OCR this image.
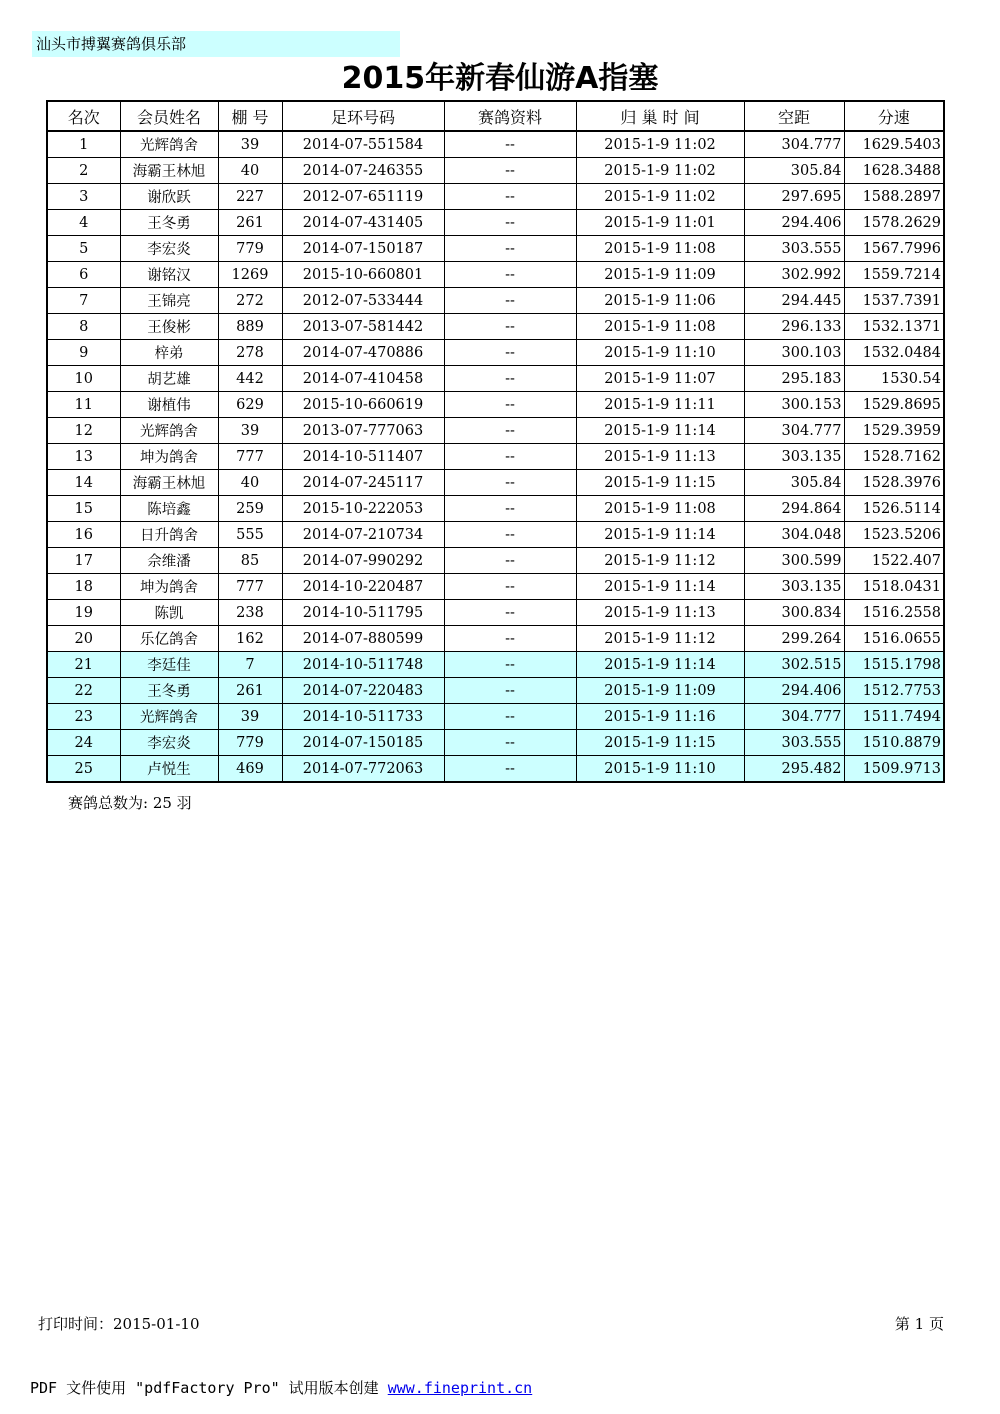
汕头市搏翼赛鸽俱乐部
2015年新春仙游A指塞
名次	会员姓名	棚 号	足环号码	赛鸽资料	归 巢 时 间	空距	分速
1	光辉鸽舍	39	2014-07-551584	--	2015-1-9 11:02	304.777	1629.5403
2	海霸王林旭	40	2014-07-246355	--	2015-1-9 11:02	305.84	1628.3488
3	谢欣跃	227	2012-07-651119	--	2015-1-9 11:02	297.695	1588.2897
4	王冬勇	261	2014-07-431405	--	2015-1-9 11:01	294.406	1578.2629
5	李宏炎	779	2014-07-150187	--	2015-1-9 11:08	303.555	1567.7996
6	谢铭汉	1269	2015-10-660801	--	2015-1-9 11:09	302.992	1559.7214
7	王锦亮	272	2012-07-533444	--	2015-1-9 11:06	294.445	1537.7391
8	王俊彬	889	2013-07-581442	--	2015-1-9 11:08	296.133	1532.1371
9	梓弟	278	2014-07-470886	--	2015-1-9 11:10	300.103	1532.0484
10	胡艺雄	442	2014-07-410458	--	2015-1-9 11:07	295.183	1530.54
11	谢植伟	629	2015-10-660619	--	2015-1-9 11:11	300.153	1529.8695
12	光辉鸽舍	39	2013-07-777063	--	2015-1-9 11:14	304.777	1529.3959
13	坤为鸽舍	777	2014-10-511407	--	2015-1-9 11:13	303.135	1528.7162
14	海霸王林旭	40	2014-07-245117	--	2015-1-9 11:15	305.84	1528.3976
15	陈培鑫	259	2015-10-222053	--	2015-1-9 11:08	294.864	1526.5114
16	日升鸽舍	555	2014-07-210734	--	2015-1-9 11:14	304.048	1523.5206
17	佘维潘	85	2014-07-990292	--	2015-1-9 11:12	300.599	1522.407
18	坤为鸽舍	777	2014-10-220487	--	2015-1-9 11:14	303.135	1518.0431
19	陈凯	238	2014-10-511795	--	2015-1-9 11:13	300.834	1516.2558
20	乐亿鸽舍	162	2014-07-880599	--	2015-1-9 11:12	299.264	1516.0655
21	李廷佳	7	2014-10-511748	--	2015-1-9 11:14	302.515	1515.1798
22	王冬勇	261	2014-07-220483	--	2015-1-9 11:09	294.406	1512.7753
23	光辉鸽舍	39	2014-10-511733	--	2015-1-9 11:16	304.777	1511.7494
24	李宏炎	779	2014-07-150185	--	2015-1-9 11:15	303.555	1510.8879
25	卢悦生	469	2014-07-772063	--	2015-1-9 11:10	295.482	1509.9713
赛鸽总数为: 25 羽
打印时间：2015-01-10	第 1 页
PDF 文件使用 "pdfFactory Pro" 试用版本创建 www.fineprint.cn
